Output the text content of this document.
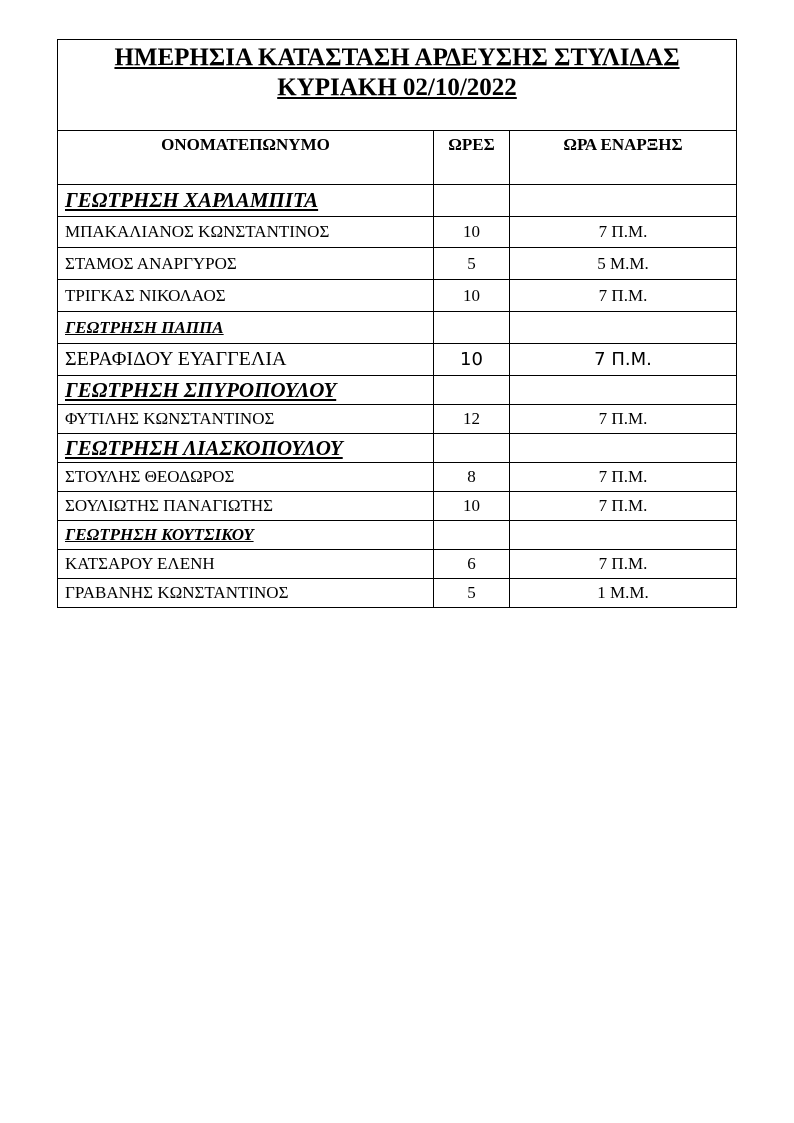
ΗΜΕΡΗΣΙΑ ΚΑΤΑΣΤΑΣΗ ΑΡΔΕΥΣΗΣ ΣΤΥΛΙΔΑΣ
ΚΥΡΙΑΚΗ 02/10/2022		

ΟΝΟΜΑΤΕΠΩΝΥΜΟ	ΩΡΕΣ	ΩΡΑ ΕΝΑΡΞΗΣ
ΓΕΩΤΡΗΣΗ ΧΑΡΛΑΜΠΙΤΑ		
ΜΠΑΚΑΛΙΑΝΟΣ ΚΩΝΣΤΑΝΤΙΝΟΣ	10	7 Π.Μ.
ΣΤΑΜΟΣ ΑΝΑΡΓΥΡΟΣ	5	5 Μ.Μ.
ΤΡΙΓΚΑΣ ΝΙΚΟΛΑΟΣ	10	7 Π.Μ.
ΓΕΩΤΡΗΣΗ ΠΑΠΠΑ		
ΣΕΡΑΦΙΔΟΥ ΕΥΑΓΓΕΛΙΑ	10	7 Π.Μ.
ΓΕΩΤΡΗΣΗ ΣΠΥΡΟΠΟΥΛΟΥ		
ΦΥΤΙΛΗΣ ΚΩΝΣΤΑΝΤΙΝΟΣ	12	7 Π.Μ.
ΓΕΩΤΡΗΣΗ ΛΙΑΣΚΟΠΟΥΛΟΥ		
ΣΤΟΥΛΗΣ ΘΕΟΔΩΡΟΣ	8	7 Π.Μ.
ΣΟΥΛΙΩΤΗΣ ΠΑΝΑΓΙΩΤΗΣ	10	7 Π.Μ.
ΓΕΩΤΡΗΣΗ ΚΟΥΤΣΙΚΟΥ		
ΚΑΤΣΑΡΟΥ ΕΛΕΝΗ	6	7 Π.Μ.
ΓΡΑΒΑΝΗΣ ΚΩΝΣΤΑΝΤΙΝΟΣ	5	1 Μ.Μ.
